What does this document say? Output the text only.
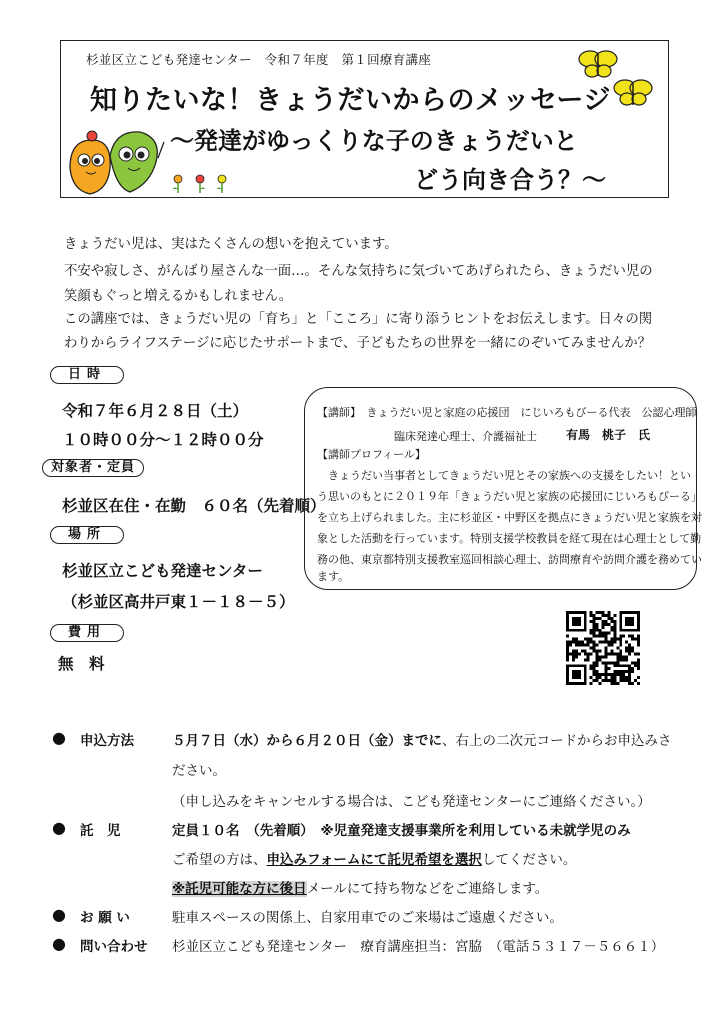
杉並区立こども発達センター　令和７年度　第１回療育講座
知りたいな！きょうだいからのメッセージ
～発達がゆっくりな子のきょうだいと
どう向き合う？～
きょうだい児は、実はたくさんの想いを抱えています。
不安や寂しさ、がんばり屋さんな一面…。そんな気持ちに気づいてあげられたら、きょうだい児の
笑顔もぐっと増えるかもしれません。
この講座では、きょうだい児の「育ち」と「こころ」に寄り添うヒントをお伝えします。日々の関
わりからライフステージに応じたサポートまで、子どもたちの世界を一緒にのぞいてみませんか？
日時
令和７年６月２８日（土）
１０時００分～１２時００分
対象者・定員
杉並区在住・在勤　６０名（先着順）
場所
杉並区立こども発達センター
（杉並区高井戸東１－１８－５）
費用
無　料
【講師】　きょうだい児と家庭の応援団　にじいろもびーる代表　公認心理師
臨床発達心理士、介護福祉士 有馬　桃子　氏
【講師プロフィール】
　きょうだい当事者としてきょうだい児とその家族への支援をしたい！とい
う思いのもとに２０１９年「きょうだい児と家族の応援団にじいろもびーる」
を立ち上げられました。主に杉並区・中野区を拠点にきょうだい児と家族を対
象とした活動を行っています。特別支援学校教員を経て現在は心理士として勤
務の他、東京都特別支援教室巡回相談心理士、訪問療育や訪問介護を務めてい
ます。
● 申込方法	５月７日（水）から６月２０日（金）までに、右上の二次元コードからお申込みさ
ださい。
（申し込みをキャンセルする場合は、こども発達センターにご連絡ください。）
● 託　児	定員１０名　（先着順）　 ※児童発達支援事業所を利用している未就学児のみ
ご希望の方は、申込みフォームにて託児希望を選択してください。
※託児可能な方に後日メールにて持ち物などをご連絡します。
● お 願 い	駐車スペースの関係上、自家用車でのご来場はご遠慮ください。
● 問い合わせ 杉並区立こども発達センター　療育講座担当：宮脇　（電話５３１７－５６６１）
